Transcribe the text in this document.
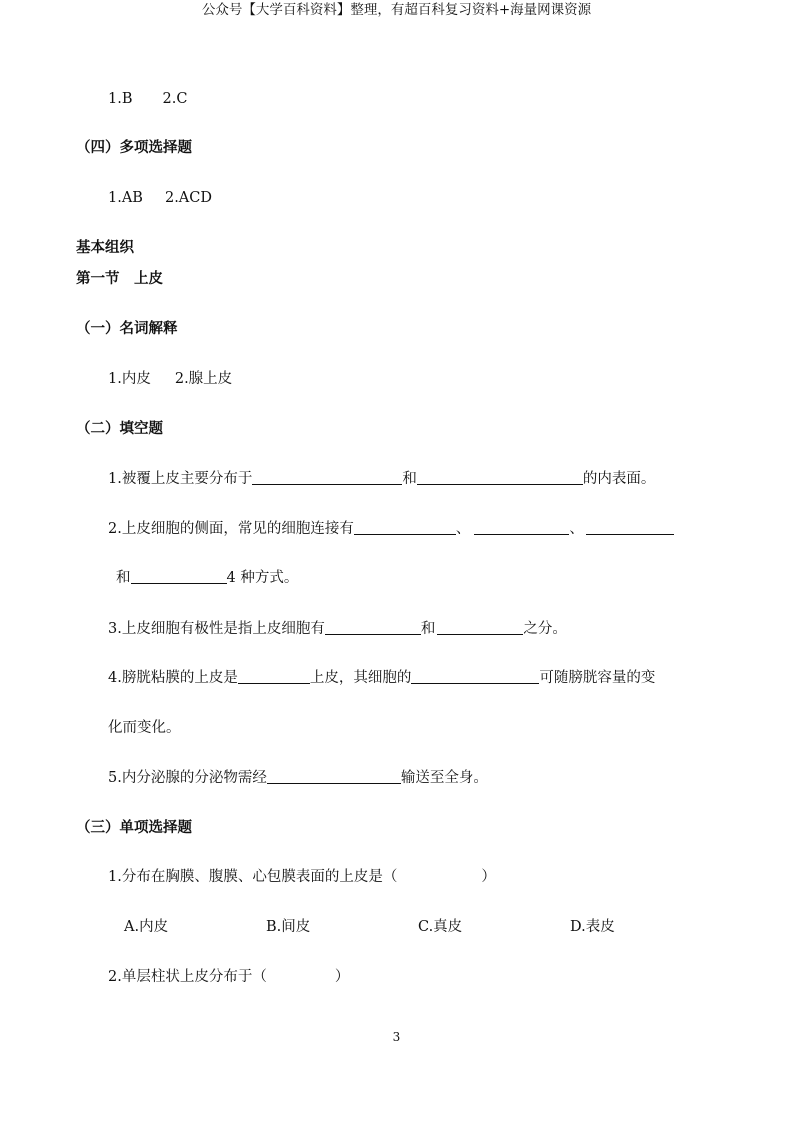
公众号【大学百科资料】整理，有超百科复习资料+海量网课资源
1.B 2.C
（四）多项选择题
1.AB 2.ACD
基本组织
第一节　上皮
（一）名词解释
1.内皮 2.腺上皮
（二）填空题
1.被覆上皮主要分布于	和	的内表面。
2.上皮细胞的侧面，常见的细胞连接有	、	、
和	4 种方式。
3.上皮细胞有极性是指上皮细胞有	和	之分。
4.膀胱粘膜的上皮是	上皮，其细胞的	可随膀胱容量的变
化而变化。
5.内分泌腺的分泌物需经	输送至全身。
（三）单项选择题
1.分布在胸膜、腹膜、心包膜表面的上皮是（	）
A.内皮	B.间皮	C.真皮	D.表皮
2.单层柱状上皮分布于（	）
3
